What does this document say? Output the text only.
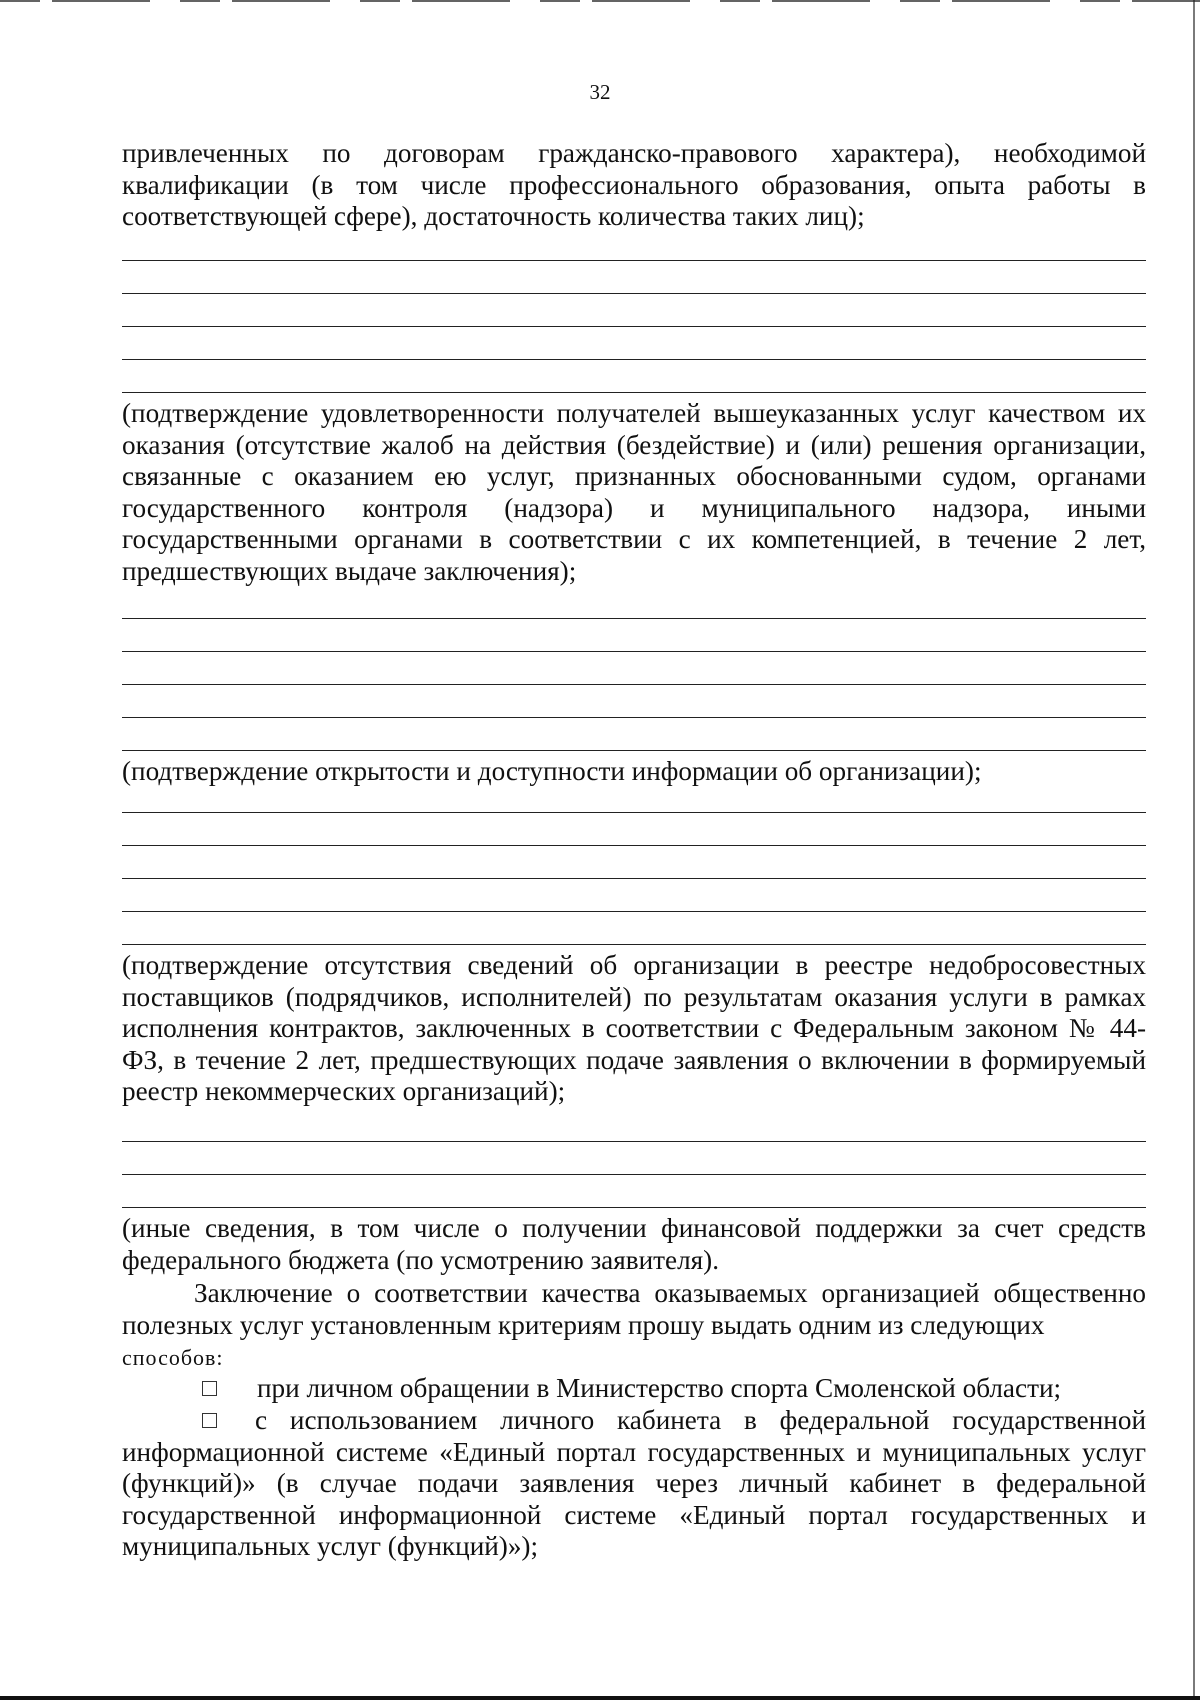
32
привлеченных по договорам гражданско-правового характера), необходимой квалификации (в том числе профессионального образования, опыта работы в соответствующей сфере), достаточность количества таких лиц);
(подтверждение удовлетворенности получателей вышеуказанных услуг качеством их оказания (отсутствие жалоб на действия (бездействие) и (или) решения организации, связанные с оказанием ею услуг, признанных обоснованными судом, органами государственного контроля (надзора) и муниципального надзора, иными государственными органами в соответствии с их компетенцией, в течение 2 лет, предшествующих выдаче заключения);
(подтверждение открытости и доступности информации об организации);
(подтверждение отсутствия сведений об организации в реестре недобросовестных поставщиков (подрядчиков, исполнителей) по результатам оказания услуги в рамках исполнения контрактов, заключенных в соответствии с Федеральным законом № 44-ФЗ, в течение 2 лет, предшествующих подаче заявления о включении в формируемый реестр некоммерческих организаций);
(иные сведения, в том числе о получении финансовой поддержки за счет средств федерального бюджета (по усмотрению заявителя).
Заключение о соответствии качества оказываемых организацией общественно полезных услуг установленным критериям прошу выдать одним из следующих
способов:
при личном обращении в Министерство спорта Смоленской области;
с использованием личного кабинета в федеральной государственной информационной системе «Единый портал государственных и муниципальных услуг (функций)» (в случае подачи заявления через личный кабинет в федеральной государственной информационной системе «Единый портал государственных и муниципальных услуг (функций)»);
